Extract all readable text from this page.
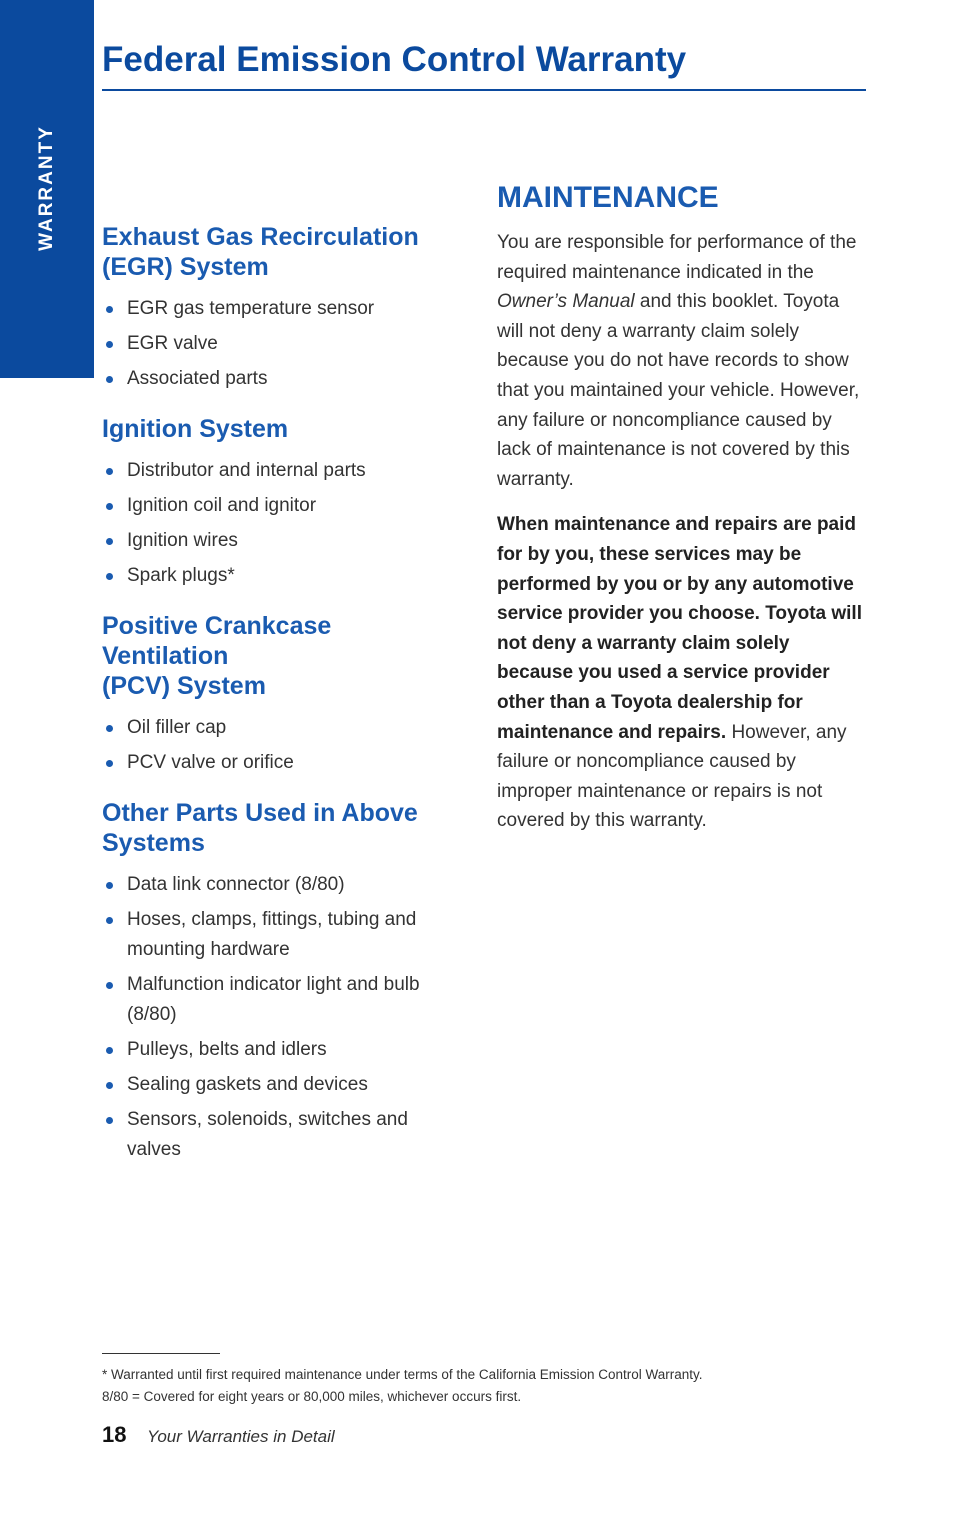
WARRANTY
Federal Emission Control Warranty
Exhaust Gas Recirculation
(EGR) System
EGR gas temperature sensor
EGR valve
Associated parts
Ignition System
Distributor and internal parts
Ignition coil and ignitor
Ignition wires
Spark plugs*
Positive Crankcase Ventilation
(PCV) System
Oil filler cap
PCV valve or orifice
Other Parts Used in Above
Systems
Data link connector (8/80)
Hoses, clamps, fittings, tubing and mounting hardware
Malfunction indicator light and bulb (8/80)
Pulleys, belts and idlers
Sealing gaskets and devices
Sensors, solenoids, switches and valves
MAINTENANCE

You are responsible for performance of the required maintenance indicated in the Owner’s Manual and this booklet. Toyota will not deny a warranty claim solely because you do not have records to show that you maintained your vehicle. However, any failure or noncompliance caused by lack of maintenance is not covered by this warranty.

When maintenance and repairs are paid for by you, these services may be performed by you or by any automotive service provider you choose. Toyota will not deny a warranty claim solely because you used a service provider other than a Toyota dealership for maintenance and repairs. However, any failure or noncompliance caused by improper maintenance or repairs is not covered by this warranty.

* Warranted until first required maintenance under terms of the California Emission Control Warranty.

8/80 = Covered for eight years or 80,000 miles, whichever occurs first.

18 Your Warranties in Detail
